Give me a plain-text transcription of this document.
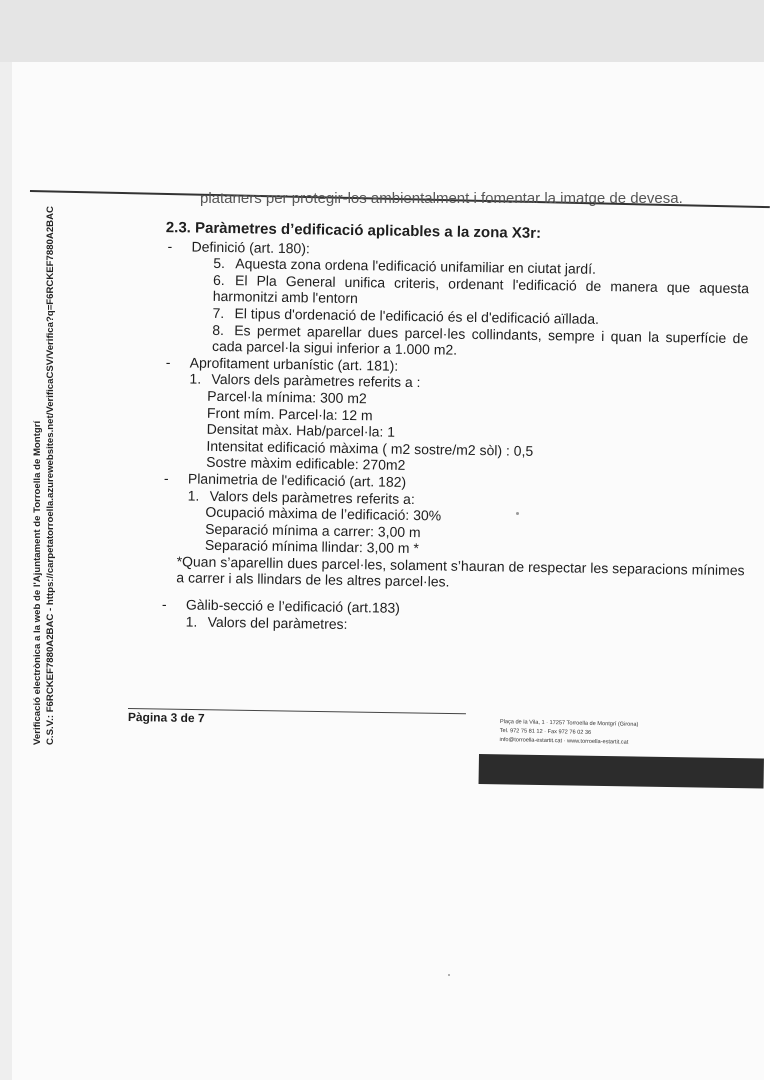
Verificació electrònica a la web de l'Ajuntament de Torroella de Montgrí C.S.V.: F6RCKEF7880A2BAC - https://carpetatorroella.azurewebsites.net/VerificaCSV/Verifica?q=F6RCKEF7880A2BAC
plataners per protegir-los ambientalment i fomentar la imatge de devesa.
2.3. Paràmetres d’edificació aplicables a la zona X3r:
- Definició (art. 180):
5. Aquesta zona ordena l'edificació unifamiliar en ciutat jardí.
6. El Pla General unifica criteris, ordenant l'edificació de manera que aquesta harmonitzi amb l'entorn
7. El tipus d'ordenació de l'edificació és el d'edificació aïllada.
8. Es permet aparellar dues parcel·les collindants, sempre i quan la superfície de cada parcel·la sigui inferior a 1.000 m2.
- Aprofitament urbanístic (art. 181):
1. Valors dels paràmetres referits a :
Parcel·la mínima: 300 m2
Front mím. Parcel·la: 12 m
Densitat màx. Hab/parcel·la: 1
Intensitat edificació màxima ( m2 sostre/m2 sòl) : 0,5
Sostre màxim edificable: 270m2
- Planimetria de l'edificació (art. 182)
1. Valors dels paràmetres referits a:
Ocupació màxima de l’edificació: 30%
Separació mínima a carrer: 3,00 m
Separació mínima llindar: 3,00 m *
*Quan s’aparellin dues parcel·les, solament s’hauran de respectar les separacions mínimes a carrer i als llindars de les altres parcel·les.
- Gàlib-secció e l’edificació (art.183)
1. Valors del paràmetres:
Pàgina 3 de 7	Plaça de la Vila, 1 · 17257 Torroella de Montgrí (Girona)
Tel. 972 75 81 12 · Fax 972 76 02 36
info@torroella-estartit.cat · www.torroella-estartit.cat
